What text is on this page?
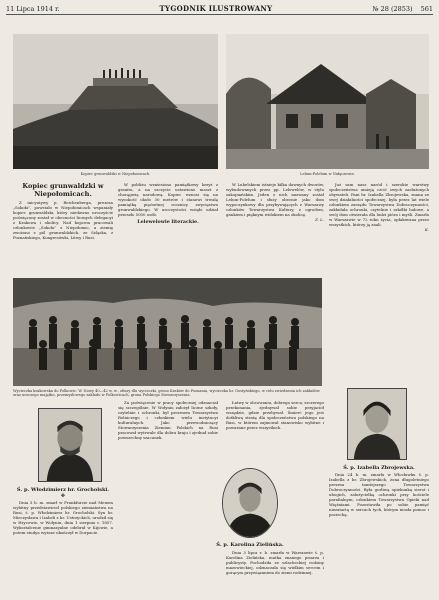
11 Lipca 1914 r.	TYGODNIK ILUSTROWANY	№ 28 (2853) 561
Kopiec grunwaldzki w Niepołomicach.	Lelum-Polelum w Nałęczowie.
Kopiec grunwaldzki w Niepołomicach.

Z inicyatywy p. Reichenberga, prezesa „Sokoła”, powstało w Niepołomicach wspaniały kopiec grunwaldzki, który niedawno uroczyście poświęcony został w obecności licznych delegacyi z Krakowa i okolicy. Nad kopcem pracowali członkowie „Sokoła” z Niepołomic, a ziemię zwożono z pól grunwaldzkich, ze Szląska, z Poznańskiego, Kongresówki, Litwy i Rusi.

W pobliżu wzniesiono pamiątkowy krzyż z granitu, a na szczycie ustawiono maszt z chorągwią narodową. Kopiec wznosi się na wysokość około 30 metrów i stanowi trwałą pamiątkę pięćsetnej rocznicy zwycięstwa grunwaldzkiego. W uroczystości wzięło udział przeszło 5000 osób.

Lelewelowie literackie.

W Lubelskiem istnieje kilka dawnych dworów, wybudowanych przez pp. Lelewelów, w stylu zakopiańskim. Jeden z nich nazwany został Lelum-Polelum i służy obecnie jako dom wypoczynkowy dla przybywających z Warszawy członków Towarzystwa Kultury, z ogrodem, gankiem i pięknym widokiem na okolicę.

Z. L.

Już sam nasz naród i szerokie warstwy społeczeństwa umieją czcić swych zasłużonych obywateli. Pani hr. Izabella Zbrojewska, znana ze swej działalności społecznej, była przez lat wiele członkiem zarządu Towarzystwa Dobroczynności, zakładała ochronki, czytelnie i szkółki ludowe, a swój dom otwierała dla ludzi pióra i myśli. Zmarła w Warszawie w 72 roku życia, opłakiwana przez wszystkich, którzy ją znali.

K.

Wycieczka krakowska do Polkowic: W. Nowy 40—42 w. w., ofiary dla wycieczki, grono Kraków do Poznania, wycieczka hr. Gostyńskiego, w celu zwiedzenia ich zakładów oraz uroczego majątku, przemysłowego zakładu w Polkowicach, grona Polskiego Stowarzyszenia.
Ś. p. Włodzimierz hr. Grocholski.
✥
Ś. p. Karolina Zielińska.
Ś. p. Izabella Zbrojewska.

Dnia 3 b. m. zmarł w Frankfurcie nad Menem wybitny przedstawiciel polskiego ziemiaństwa na Rusi, ś. p. Włodzimierz hr. Grocholski. Syn hr. Mieczysława i Izabeli z hr. Ustrzyckich, urodził się w Hrycowie, w Wołyniu, dnia 1 sierpnia r. 1857. Wykształcenie gimnazyalne odebrał w Kijowie, a potem studya wyższe ukończył w Dorpacie.

Za poświęcenie w pracy społecznej odznaczał się szczególnie. W Wołyniu założył liczne szkoły, czytelnie i ochronki, był prezesem Towarzystwa Rolniczego i członkiem wielu instytucyi kulturalnych. Jako przewodniczący Stowarzyszenia Ziemian Polskich na Rusi pracował wytrwale dla dobra kraju i zjednał sobie powszechny szacunek.

Łatwy w obcowaniu, dobrego serca, szczerego przekonania, zjednywał sobie przyjaciół wszędzie, gdzie przebywał. Śmierć jego jest dotkliwą stratą dla społeczeństwa polskiego na Rusi, w którem zajmował stanowisko wybitne i poważane przez wszystkich.

Dnia 3 lipca r. b. zmarła w Warszawie ś. p. Karolina Zielińska, matka znanego pisarza i publicysty. Pochodziła ze szlacheckiej rodziny mazowieckiej, odznaczała się wielkim sercem i gorącym przywiązaniem do ziemi rodzinnej.

Dnia 24 b. m. zmarła w Włocławku ś. p. Izabella z hr. Zbrojewskich, żona długoletniego prezesa tamtejszego Towarzystwa Dobroczynności. Była gorliwą opiekunką sierot i ubogich, założycielką ochronki przy kościele parafialnym, członkiem Towarzystwa Opieki nad Więźniami. Pozostawiła po sobie pamięć niezatartą w sercach tych, którym niosła pomoc i pociechę.
